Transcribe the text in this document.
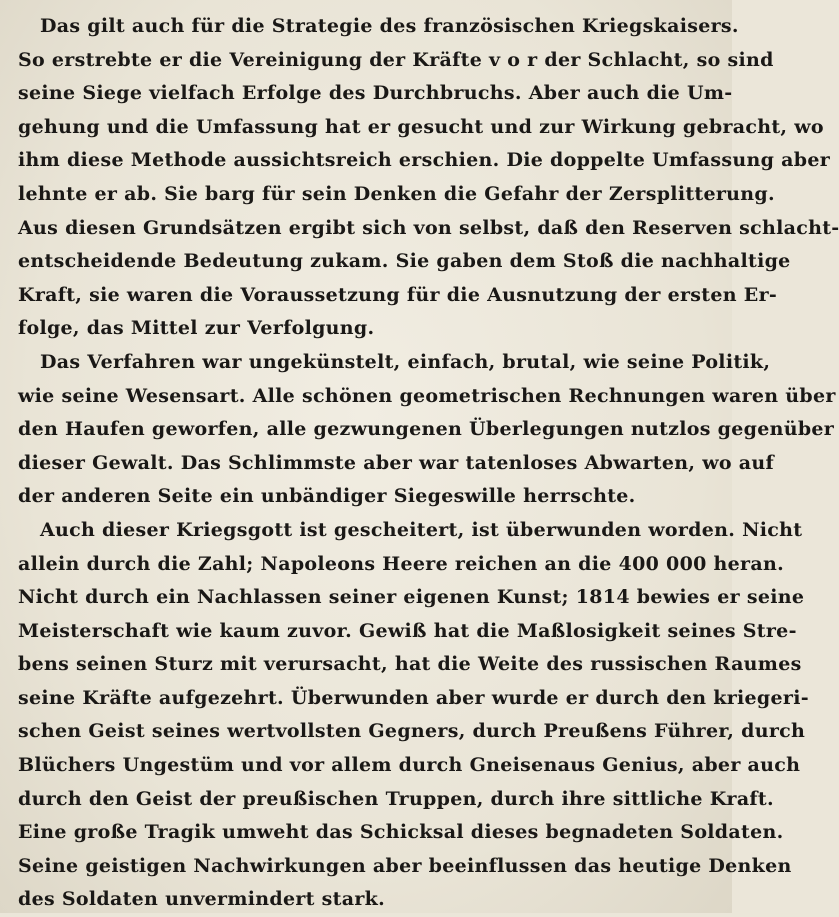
Das gilt auch für die Strategie des französischen Kriegskaisers.
So erstrebte er die Vereinigung der Kräfte v o r der Schlacht, so sind
seine Siege vielfach Erfolge des Durchbruchs. Aber auch die Um-
gehung und die Umfassung hat er gesucht und zur Wirkung gebracht, wo
ihm diese Methode aussichtsreich erschien. Die doppelte Umfassung aber
lehnte er ab. Sie barg für sein Denken die Gefahr der Zersplitterung.
Aus diesen Grundsätzen ergibt sich von selbst, daß den Reserven schlacht-
entscheidende Bedeutung zukam. Sie gaben dem Stoß die nachhaltige
Kraft, sie waren die Voraussetzung für die Ausnutzung der ersten Er-
folge, das Mittel zur Verfolgung.
Das Verfahren war ungekünstelt, einfach, brutal, wie seine Politik,
wie seine Wesensart. Alle schönen geometrischen Rechnungen waren über
den Haufen geworfen, alle gezwungenen Überlegungen nutzlos gegenüber
dieser Gewalt. Das Schlimmste aber war tatenloses Abwarten, wo auf
der anderen Seite ein unbändiger Siegeswille herrschte.
Auch dieser Kriegsgott ist gescheitert, ist überwunden worden. Nicht
allein durch die Zahl; Napoleons Heere reichen an die 400 000 heran.
Nicht durch ein Nachlassen seiner eigenen Kunst; 1814 bewies er seine
Meisterschaft wie kaum zuvor. Gewiß hat die Maßlosigkeit seines Stre-
bens seinen Sturz mit verursacht, hat die Weite des russischen Raumes
seine Kräfte aufgezehrt. Überwunden aber wurde er durch den kriegeri-
schen Geist seines wertvollsten Gegners, durch Preußens Führer, durch
Blüchers Ungestüm und vor allem durch Gneisenaus Genius, aber auch
durch den Geist der preußischen Truppen, durch ihre sittliche Kraft.
Eine große Tragik umweht das Schicksal dieses begnadeten Soldaten.
Seine geistigen Nachwirkungen aber beeinflussen das heutige Denken
des Soldaten unvermindert stark.
